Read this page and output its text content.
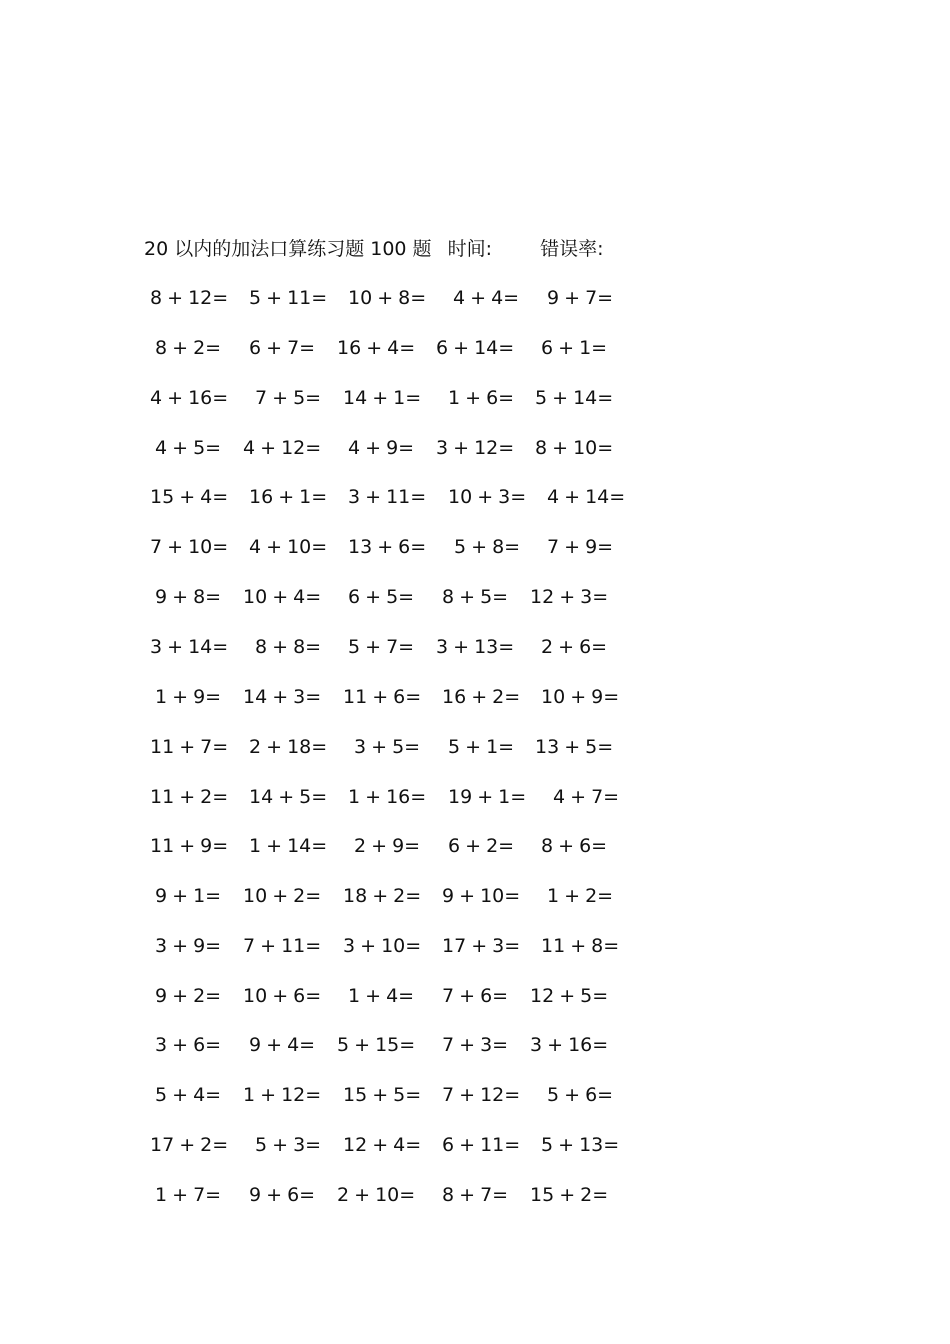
20 以内的加法口算练习题 100 题 时间:	错误率:
8 + 12= 5 + 11= 10 + 8= 4 + 4= 9 + 7=
8 + 2= 6 + 7= 16 + 4= 6 + 14= 6 + 1=
4 + 16= 7 + 5= 14 + 1= 1 + 6= 5 + 14=
4 + 5= 4 + 12= 4 + 9= 3 + 12= 8 + 10=
15 + 4= 16 + 1= 3 + 11= 10 + 3= 4 + 14=
7 + 10= 4 + 10= 13 + 6= 5 + 8= 7 + 9=
9 + 8= 10 + 4= 6 + 5= 8 + 5= 12 + 3=
3 + 14= 8 + 8= 5 + 7= 3 + 13= 2 + 6=
1 + 9= 14 + 3= 11 + 6= 16 + 2= 10 + 9=
11 + 7= 2 + 18= 3 + 5= 5 + 1= 13 + 5=
11 + 2= 14 + 5= 1 + 16= 19 + 1= 4 + 7=
11 + 9= 1 + 14= 2 + 9= 6 + 2= 8 + 6=
9 + 1= 10 + 2= 18 + 2= 9 + 10= 1 + 2=
3 + 9= 7 + 11= 3 + 10= 17 + 3= 11 + 8=
9 + 2= 10 + 6= 1 + 4= 7 + 6= 12 + 5=
3 + 6= 9 + 4= 5 + 15= 7 + 3= 3 + 16=
5 + 4= 1 + 12= 15 + 5= 7 + 12= 5 + 6=
17 + 2= 5 + 3= 12 + 4= 6 + 11= 5 + 13=
1 + 7= 9 + 6= 2 + 10= 8 + 7= 15 + 2=
